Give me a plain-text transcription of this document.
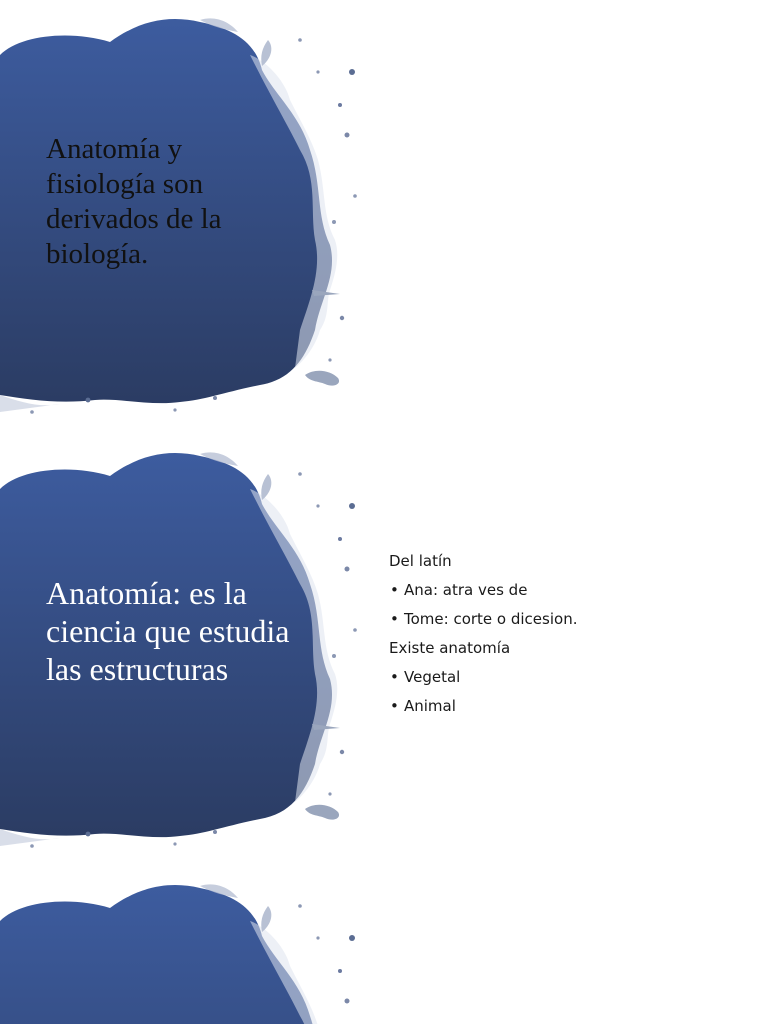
Anatomía y fisiología son derivados de la biología.
Anatomía: es la ciencia que estudia las estructuras
Del latín
• Ana: atra ves de
• Tome: corte o dicesion.
Existe anatomía
• Vegetal
• Animal
